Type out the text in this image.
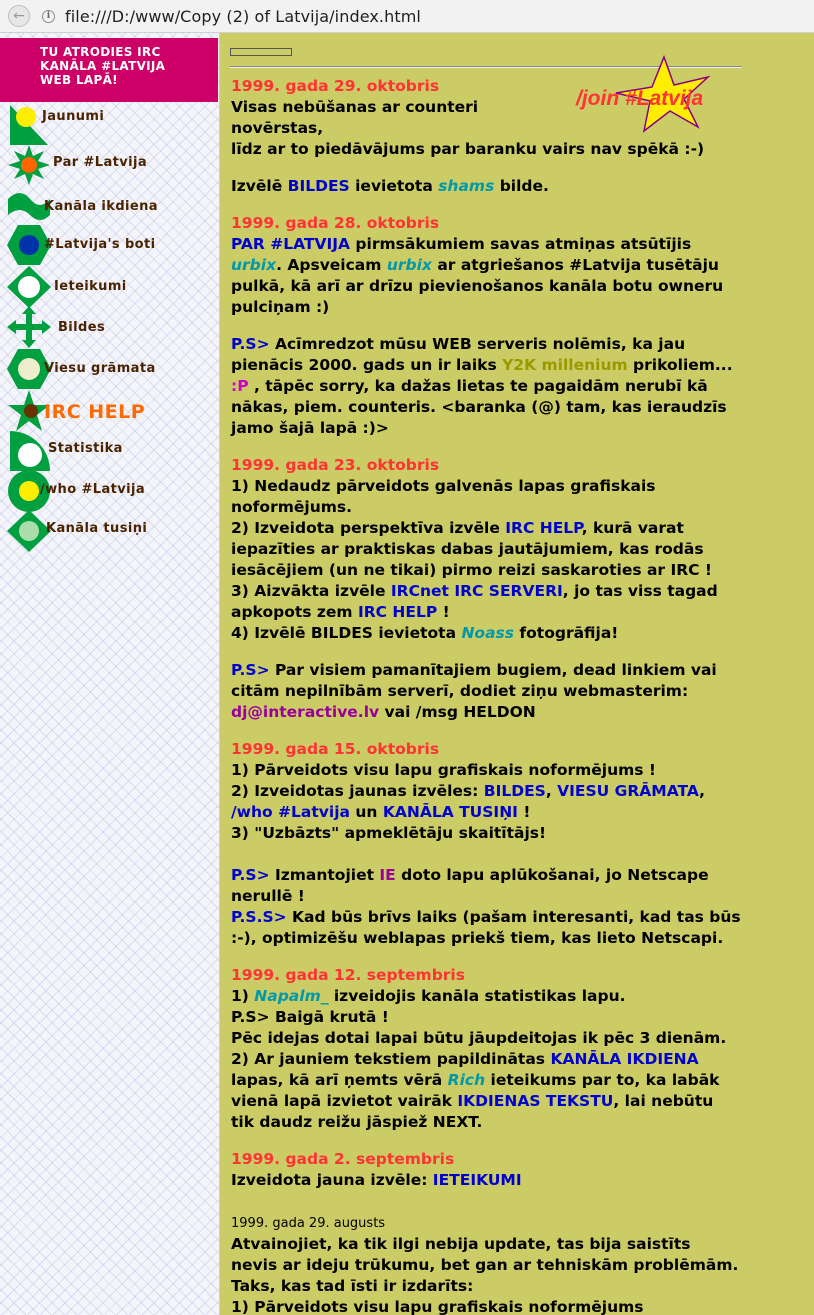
←	i file:///D:/www/Copy (2) of Latvija/index.html
TU ATRODIES IRC
KANĀLA #LATVIJA
WEB LAPĀ!
Jaunumi
Par #Latvija
Kanāla ikdiena
#Latvija's boti
Ieteikumi
Bildes
Viesu grāmata
IRC HELP
Statistika
/who #Latvija
Kanāla tusiņi
/join #Latvija
1999. gada 29. oktobris
Visas nebūšanas ar counteri
novērstas,
līdz ar to piedāvājums par baranku vairs nav spēkā :-)
Izvēlē BILDES ievietota shams bilde.
1999. gada 28. oktobris
PAR #LATVIJA pirmsākumiem savas atmiņas atsūtījis urbix. Apsveicam urbix ar atgriešanos #Latvija tusētāju pulkā, kā arī ar drīzu pievienošanos kanāla botu owneru pulciņam :)
P.S> Acīmredzot mūsu WEB serveris nolēmis, ka jau pienācis 2000. gads un ir laiks Y2K millenium prikoliem... :P , tāpēc sorry, ka dažas lietas te pagaidām nerubī kā nākas, piem. counteris. <baranka (@) tam, kas ieraudzīs jamo šajā lapā :)>
1999. gada 23. oktobris
1) Nedaudz pārveidots galvenās lapas grafiskais noformējums.
2) Izveidota perspektīva izvēle IRC HELP, kurā varat iepazīties ar praktiskas dabas jautājumiem, kas rodās iesācējiem (un ne tikai) pirmo reizi saskaroties ar IRC !
3) Aizvākta izvēle IRCnet IRC SERVERI, jo tas viss tagad apkopots zem IRC HELP !
4) Izvēlē BILDES ievietota Noass fotogrāfija!
P.S> Par visiem pamanītajiem bugiem, dead linkiem vai citām nepilnībām serverī, dodiet ziņu webmasterim: dj@interactive.lv vai /msg HELDON
1999. gada 15. oktobris
1) Pārveidots visu lapu grafiskais noformējums !
2) Izveidotas jaunas izvēles: BILDES, VIESU GRĀMATA, /who #Latvija un KANĀLA TUSIŅI !
3) "Uzbāzts" apmeklētāju skaitītājs!
P.S> Izmantojiet IE doto lapu aplūkošanai, jo Netscape nerullē !
P.S.S> Kad būs brīvs laiks (pašam interesanti, kad tas būs :-), optimizēšu weblapas priekš tiem, kas lieto Netscapi.
1999. gada 12. septembris
1) Napalm_ izveidojis kanāla statistikas lapu.
P.S> Baigā krutā !
Pēc idejas dotai lapai būtu jāupdeitojas ik pēc 3 dienām.
2) Ar jauniem tekstiem papildinātas KANĀLA IKDIENA lapas, kā arī ņemts vērā Rich ieteikums par to, ka labāk vienā lapā izvietot vairāk IKDIENAS TEKSTU, lai nebūtu tik daudz reižu jāspiež NEXT.
1999. gada 2. septembris
Izveidota jauna izvēle: IETEIKUMI
1999. gada 29. augusts
Atvainojiet, ka tik ilgi nebija update, tas bija saistīts nevis ar ideju trūkumu, bet gan ar tehniskām problēmām.
Taks, kas tad īsti ir izdarīts:
1) Pārveidots visu lapu grafiskais noformējums
